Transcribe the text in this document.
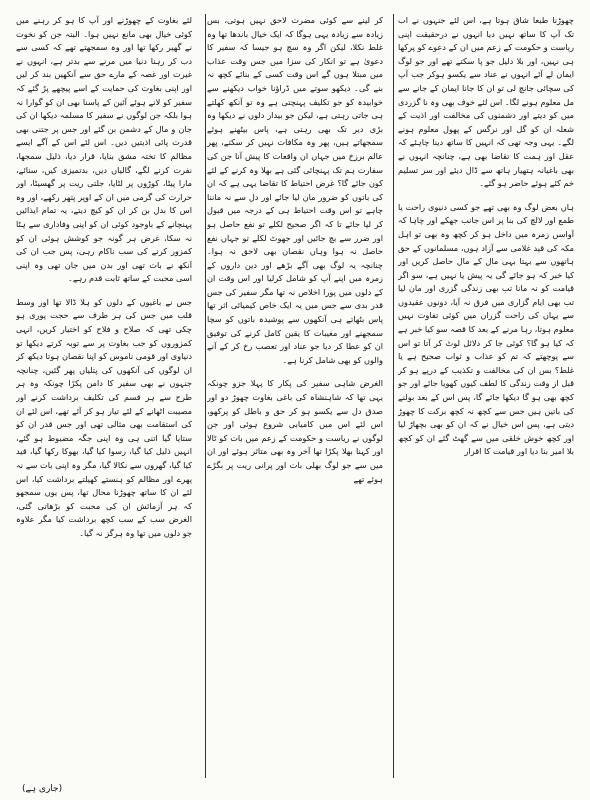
چھوڑنا طبعا شاق ہوتا ہے، اس لئے جنہوں نے اب تک آپ کا ساتھ نہیں دیا انہوں نے درحقیقت اپنی ریاست و حکومت کے زعم میں ان کے دعوے کو پرکھا ہی نہیں، اور بلا دلیل جو پا سکتے تھے اور جو لوگ ایمان لے آئے انہوں نے عناد سے یکسو ہوکر جب آپ کی سچائی جانچ لی تو ان کا جانا ایمان کے جانے سے مل معلوم ہونے لگا۔ اس لئے خوف بھی وہ نا گزردی میں کو دیتے اور دشمنوں کی مخالفت اور اذیت کے شعلہ ان کو گل اور نرگس کے پھول معلوم ہونے لگے۔ یہی وجہ تھی کہ انہیں کا ساتھ دینا چاہئے کہ عقل اور ہمت کا تقاضا بھی ہے، چنانچہ انہوں نے بھی باغیانہ ہتھیار ہاتھ سے ڈال دیئے اور سر تسلیم خم کئے ہوئے حاضر ہو گئے۔

ہاں بعض لوگ وہ بھی تھے جو کسی دنیوی راحت یا طمع اور لالچ کی بنا پر اس جانب جھکے اور چاہا کہ آواسں زمرہ میں داخل ہو کر کچھ وہ بھی تو اہل مکہ کی قید غلامی سے آزاد ہوں، مسلمانوں کے حق ہاتھوں سے بہتا بہی مال کے مال حاصل کریں اور کیا خبر کہ ہو جائے گی یہ پیش یا نہیں ہے، سو اگر قیامت کو نہ مانا تب بھی زندگی گزری اور مان لیا تب بھی ایام گزاری میں فرق نہ آیا، دونوں عقیدوں سے یہاں کی راحت گزران میں کوئی تفاوت نہیں معلوم ہوتا، رہا مرنے کے بعد کا قصہ سو کیا خبر ہے کہ کیا ہو گا؟ کوئی جا کر دلائل لوٹ کر آتا تو اس سے پوچھتے کہ تم کو عذاب و ثواب صحیح ہے یا غلط؟ بس ان کی مخالفت و تکذیب کے درپے ہو کر قبل از وقت زندگی کا لطف کیوں کھویا جائے اور جو کچھ بھی ہو گا دیکھا جائے گا، پس اس کے بعد بولنے کی باتیں ہیں جس سے کچھ نہ کچھ برکت کا چھوڑ دیتی ہے، پس اس خیال نے کہ ان کو بھی بچھاڑ لیا اور کچھ خوش خلقی میں سے گھٹ گئے ان کو کچھ بلا امیر بنا دیا اور قیامت کا اقرار

کر لینے سے کوئی مضرت لاحق نہیں ہوتی، بس زیادہ سے زیادہ یہی ہوگا کہ ایک خیال باندھا تھا وہ غلط نکلا، لیکن اگر وہ سچ ہو جیسا کہ سفیر کا دعویٰ ہے تو انکار کی سزا میں جس وقت عذاب میں مبتلا ہوں گے اس وقت کسی کے بنائے کچھ نہ بنے گی۔ دیکھو سوتے میں ڈراؤنا خواب دیکھنے سے خوابیدہ کو جو تکلیف پہنچتی ہے وہ تو آنکھ کھلتے ہی جاتی رہتی ہے، لیکن جو بیدار دلوں نے دیکھا وہ بڑی دیر تک بھی رہتی ہے، پاس بیٹھنے ہوئے سمجھاتے ہیں، پھر وہ مکافات نہیں کر سکتے، پھر عالم برزخ میں جہاں ان واقعات کا پیش آنا جن کی سفارت ہم تک پہنچائی گئی ہے بھلا وہ کرنے کے لئے کون جائے گا؟ غرض احتیاط کا تقاضا یہی ہے کہ ان کی باتوں کو ضرور مان لیا جائے اور دل سے نہ ماننا چاہے تو اس وقت احتیاط ہی کے درجہ میں قبول کر لیا جائے تا کہ اگر صحیح لکلے تو نفع حاصل ہو اور ضرر سے بچ جائیں اور جھوٹ لکلے تو جہاں نفع حاصل نہ ہوا وہاں نقصان بھی لاحق نہ ہوا۔ چنانچہ یہ لوگ بھی آگے بڑھے اور دین داروں کے زمرہ میں اپنے آپ کو شامل کرلیا اور اس وقت ان کے دلوں میں پورا اخلاص نہ تھا مگر سفیر کی جس قدر بدی سے جس میں یہ ایک خاص کیمیائی اثر تھا پاس بٹھاتے ہی آنکھوں سے پوشیدہ باتوں کو سچا سمجھنے اور مغیبات کا یقین کامل کرنے کی توفیق ان کو عطا کر دیا جو عناد اور تعصب رخ کر کے آنے والوں کو بھی شامل کرنا ہے۔

الغرض شاہی سفیر کی پکار کا پہلا جزو چونکہ یہی تھا کہ شاہنشاہ کی باغی بغاوت چھوڑ دو اور صدق دل سے یکسو ہو کر حق و باطل کو پرکھو، اس لئے اس میں کامیابی شروع ہوئی اور جن لوگوں نے ریاست و حکومت کے زعم میں بات کو ٹالا اور کہنا بھلا پکڑا تھا آخر وہ بھی متاثر ہوئے اور ان میں سے جو لوگ بھلی بات اور پرانی ریت پر بگڑے ہوئے تھے

لئے بغاوت کے چھوڑنے اور آپ کا ہو کر رہنے میں کوئی خیال بھی مانع نہیں ہوا۔ البتہ جن کو نخوت نے گھیر رکھا تھا اور وہ سمجھتے تھے کہ کسی سے دب کر رہنا دنیا میں مرنے سے بدتر ہے، انہوں نے غیرت اور غصہ کے مارے حق سے آنکھیں بند کر لیں اور اپنی بغاوت کی حمایت کے اسے پیچھے پڑ گئے کہ سفیر کو لانے ہوئے آئین کے پاسنا بھی ان کو گوارا نہ ہوا بلکہ جن لوگوں نے سفیر کا مسلمہ دیکھا ان کی جان و مال کے دشمن بن گئے اور جس پر جتنی بھی قدرت پائی اذیتیں دیں۔ اس لئے اس کے آگے ایسے مظالم کا تختہ مشق بنایا، قرار دیا، ذلیل سمجھا، نفرت کرنے لگے، گالیاں دیں، بدتمیزی کیں، سنائے، مارا پیٹا، کوڑوں پر لٹایا، جلتی ریت پر گھسیٹا، اور حرارت کی گرمی میں ان کے اوپر پتھر رکھے، اور وہ اس کا بدل بن کر ان کو کیچ دیتے، یہ تمام ایذائیں پہنچانے کے باوجود کوئی ان کو اپنی وفاداری سے ہٹا نہ سکا، غرض ہر گونہ جو کوشش ہوئی ان کو کمزور کرنے کی سب ناکام رہی، پس جب ان کی آنکھ نے بات تھی اور بدن میں جان تھی وہ اپنی اسی محبت کے ساتھ ثابت قدم رہے۔

جس نے باغیوں کے دلوں کو ہلا ڈالا تھا اور وسط قلب میں جس کی ہر طرف سے حجت پوری ہو چکی تھی کہ صلاح و فلاح کو اختیار کریں، انہی کمزوروں کو جب بغاوت پر سے توبہ کرتے دیکھا تو دنیاوی اور قومی ناموس کو اپنا نقصان ہوتا دیکھ کر ان لوگوں کی آنکھوں کی پتلیاں پھر گئیں، چنانچہ جنہوں نے بھی سفیر کا دامن پکڑا چونکہ وہ ہر طرح سے ہر قسم کی تکلیف برداشت کرنے اور مصیبت اٹھانے کے لئے تیار ہو کر آئے تھے، اس لئے ان کی استقامت بھی مثالی تھی اور جس قدر ان کو ستایا گیا اتنی ہی وہ اپنی جگہ مضبوط ہو گئے، انہیں ذلیل کیا گیا، رسوا کیا گیا، بھوکا رکھا گیا، قید کیا گیا، گھروں سے نکالا گیا، مگر وہ اپنی بات سے نہ پھرے اور مظالم کو ہنستے کھیلتے برداشت کیا، اس لئے ان کا ساتھ چھوڑنا محال تھا، پس یوں سمجھو کہ ہر آزمائش ان کی محبت کو بڑھاتی گئی، الغرض سب کے سب کچھ برداشت کیا مگر علاوہ جو دلوں میں تھا وہ ہرگز نہ گیا۔

(جاری ہے)
